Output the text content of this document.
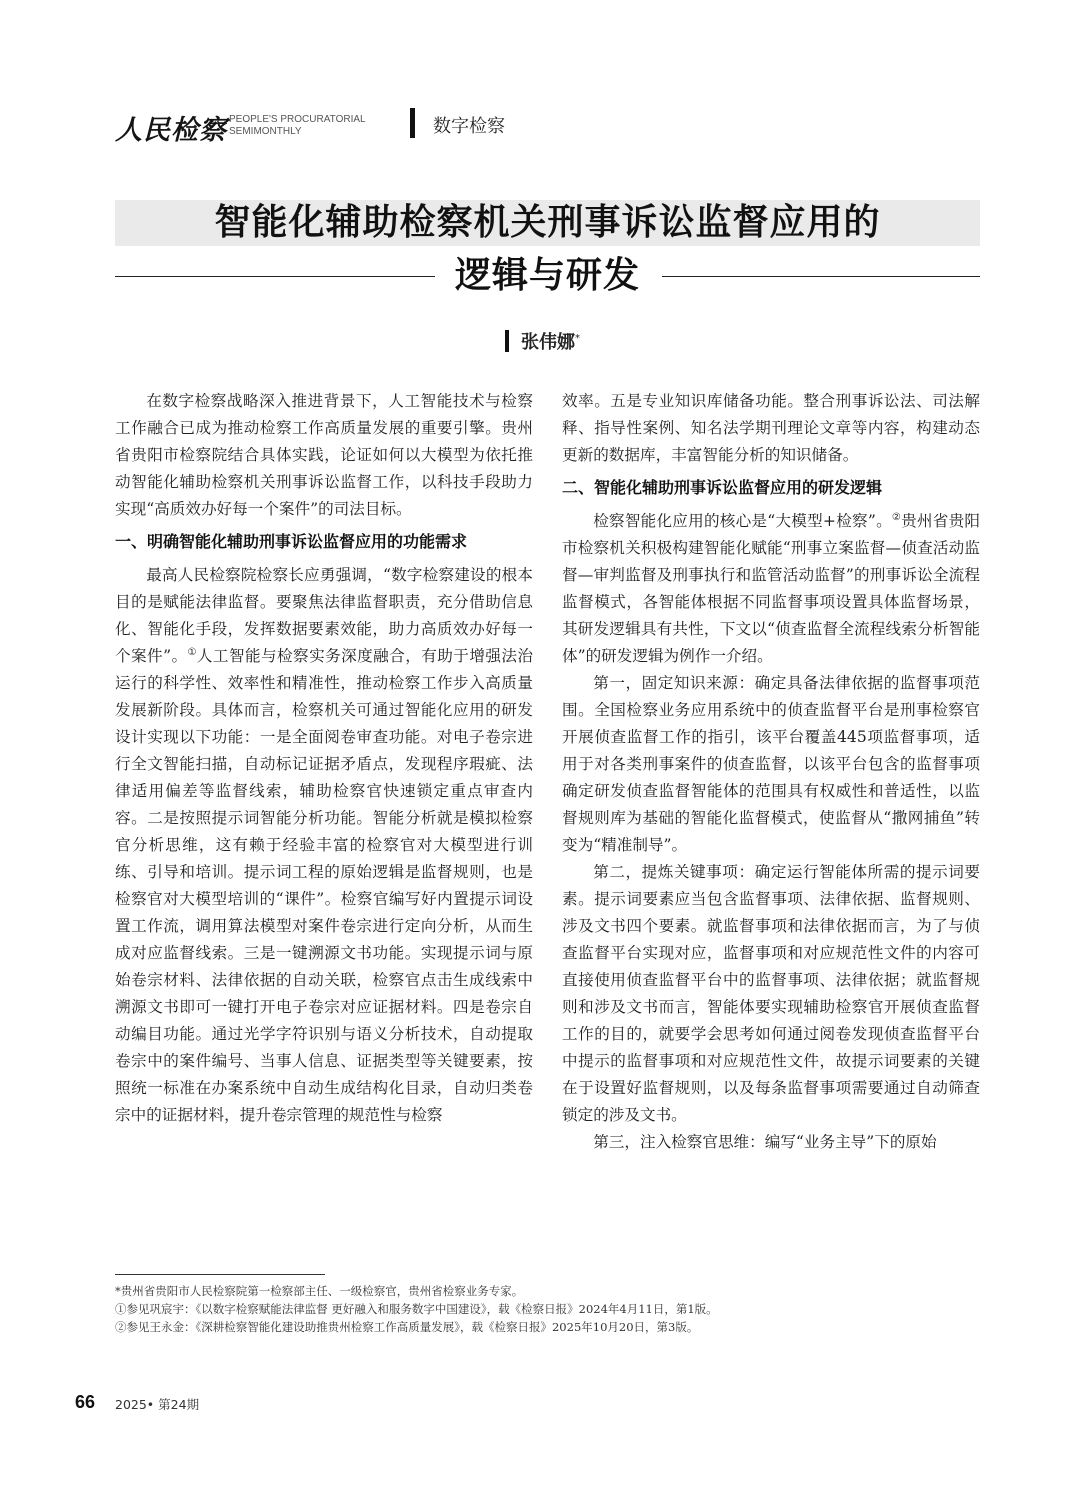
人民检察 PEOPLE'S PROCURATORIAL
SEMIMONTHLY	数字检察
智能化辅助检察机关刑事诉讼监督应用的
逻辑与研发
张伟娜*

在数字检察战略深入推进背景下，人工智能技术与检察工作融合已成为推动检察工作高质量发展的重要引擎。贵州省贵阳市检察院结合具体实践，论证如何以大模型为依托推动智能化辅助检察机关刑事诉讼监督工作，以科技手段助力实现“高质效办好每一个案件”的司法目标。

一、明确智能化辅助刑事诉讼监督应用的功能需求

最高人民检察院检察长应勇强调，“数字检察建设的根本目的是赋能法律监督。要聚焦法律监督职责，充分借助信息化、智能化手段，发挥数据要素效能，助力高质效办好每一个案件”。①人工智能与检察实务深度融合，有助于增强法治运行的科学性、效率性和精准性，推动检察工作步入高质量发展新阶段。具体而言，检察机关可通过智能化应用的研发设计实现以下功能：一是全面阅卷审查功能。对电子卷宗进行全文智能扫描，自动标记证据矛盾点，发现程序瑕疵、法律适用偏差等监督线索，辅助检察官快速锁定重点审查内容。二是按照提示词智能分析功能。智能分析就是模拟检察官分析思维，这有赖于经验丰富的检察官对大模型进行训练、引导和培训。提示词工程的原始逻辑是监督规则，也是检察官对大模型培训的“课件”。检察官编写好内置提示词设置工作流，调用算法模型对案件卷宗进行定向分析，从而生成对应监督线索。三是一键溯源文书功能。实现提示词与原始卷宗材料、法律依据的自动关联，检察官点击生成线索中溯源文书即可一键打开电子卷宗对应证据材料。四是卷宗自动编目功能。通过光学字符识别与语义分析技术，自动提取卷宗中的案件编号、当事人信息、证据类型等关键要素，按照统一标准在办案系统中自动生成结构化目录，自动归类卷宗中的证据材料，提升卷宗管理的规范性与检察

效率。五是专业知识库储备功能。整合刑事诉讼法、司法解释、指导性案例、知名法学期刊理论文章等内容，构建动态更新的数据库，丰富智能分析的知识储备。

二、智能化辅助刑事诉讼监督应用的研发逻辑

检察智能化应用的核心是“大模型+检察”。②贵州省贵阳市检察机关积极构建智能化赋能“刑事立案监督—侦查活动监督—审判监督及刑事执行和监管活动监督”的刑事诉讼全流程监督模式，各智能体根据不同监督事项设置具体监督场景，其研发逻辑具有共性，下文以“侦查监督全流程线索分析智能体”的研发逻辑为例作一介绍。

第一，固定知识来源：确定具备法律依据的监督事项范围。全国检察业务应用系统中的侦查监督平台是刑事检察官开展侦查监督工作的指引，该平台覆盖445项监督事项，适用于对各类刑事案件的侦查监督，以该平台包含的监督事项确定研发侦查监督智能体的范围具有权威性和普适性，以监督规则库为基础的智能化监督模式，使监督从“撒网捕鱼”转变为“精准制导”。

第二，提炼关键事项：确定运行智能体所需的提示词要素。提示词要素应当包含监督事项、法律依据、监督规则、涉及文书四个要素。就监督事项和法律依据而言，为了与侦查监督平台实现对应，监督事项和对应规范性文件的内容可直接使用侦查监督平台中的监督事项、法律依据；就监督规则和涉及文书而言，智能体要实现辅助检察官开展侦查监督工作的目的，就要学会思考如何通过阅卷发现侦查监督平台中提示的监督事项和对应规范性文件，故提示词要素的关键在于设置好监督规则，以及每条监督事项需要通过自动筛查锁定的涉及文书。

第三，注入检察官思维：编写“业务主导”下的原始

*贵州省贵阳市人民检察院第一检察部主任、一级检察官，贵州省检察业务专家。
①参见巩宸宇：《以数字检察赋能法律监督 更好融入和服务数字中国建设》，载《检察日报》2024年4月11日，第1版。
②参见王永金：《深耕检察智能化建设助推贵州检察工作高质量发展》，载《检察日报》2025年10月20日，第3版。
66 2025• 第24期
